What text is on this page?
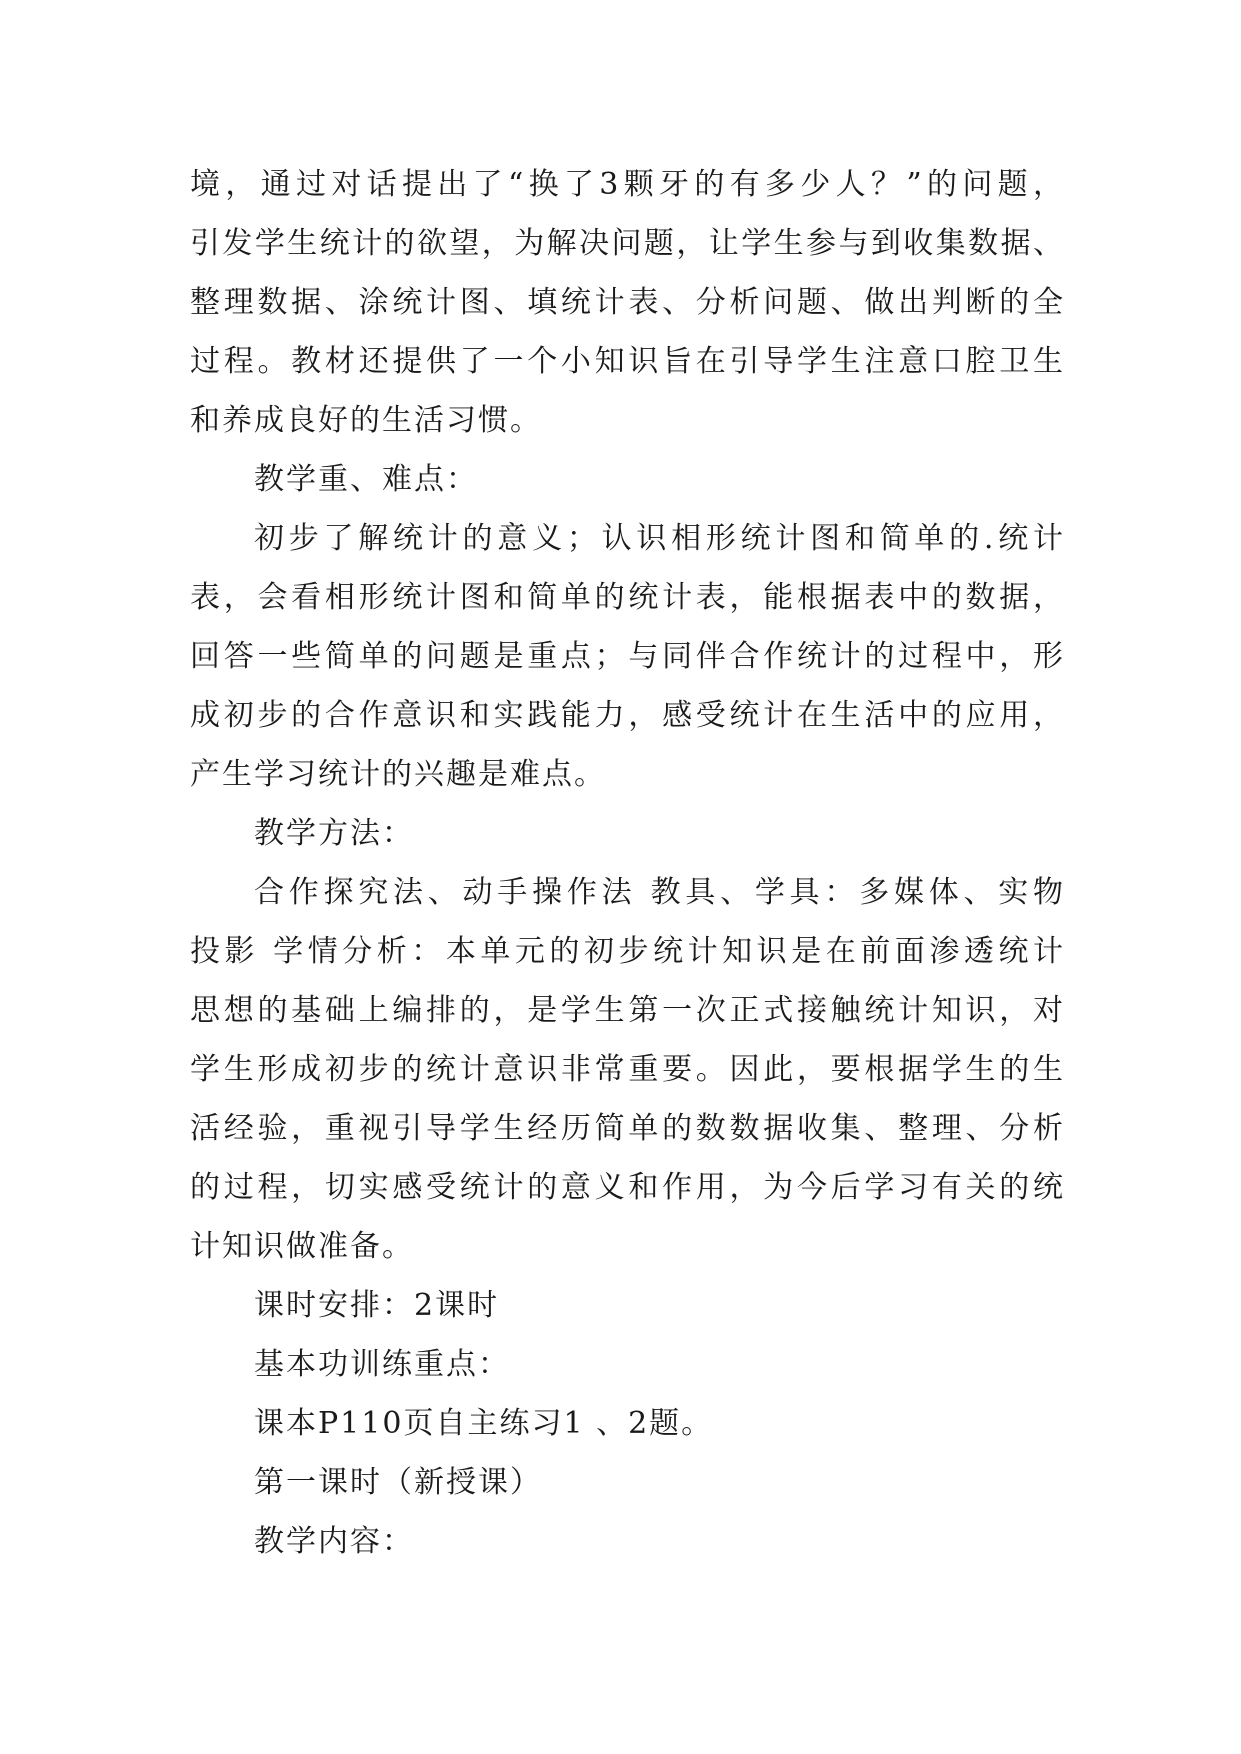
境，通过对话提出了“换了3颗牙的有多少人？”的问题，
引发学生统计的欲望，为解决问题，让学生参与到收集数据、
整理数据、涂统计图、填统计表、分析问题、做出判断的全
过程。教材还提供了一个小知识旨在引导学生注意口腔卫生
和养成良好的生活习惯。
教学重、难点：
初步了解统计的意义；认识相形统计图和简单的.统计
表，会看相形统计图和简单的统计表，能根据表中的数据，
回答一些简单的问题是重点；与同伴合作统计的过程中，形
成初步的合作意识和实践能力，感受统计在生活中的应用，
产生学习统计的兴趣是难点。
教学方法：
合作探究法、动手操作法 教具、学具：多媒体、实物
投影 学情分析：本单元的初步统计知识是在前面渗透统计
思想的基础上编排的，是学生第一次正式接触统计知识，对
学生形成初步的统计意识非常重要。因此，要根据学生的生
活经验，重视引导学生经历简单的数数据收集、整理、分析
的过程，切实感受统计的意义和作用，为今后学习有关的统
计知识做准备。
课时安排：2课时
基本功训练重点：
课本P110页自主练习1 、2题。
第一课时（新授课）
教学内容：
